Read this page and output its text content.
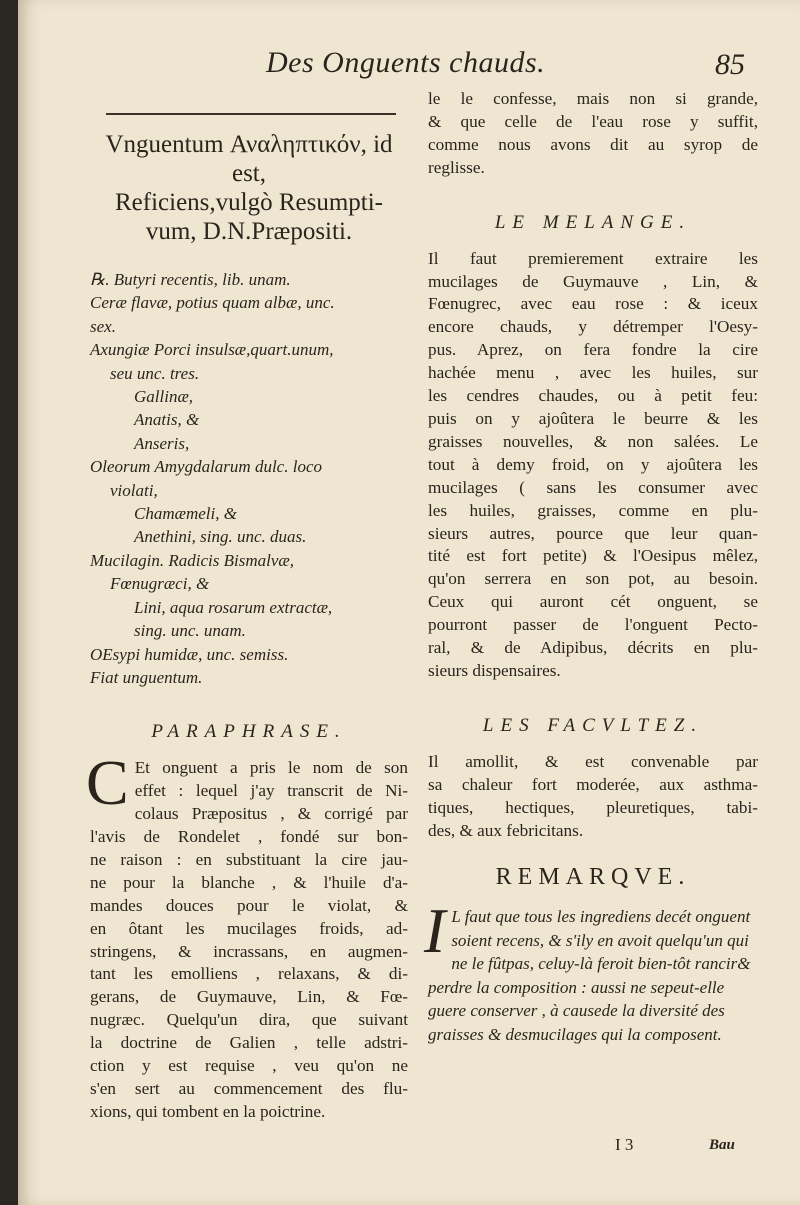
Des Onguents chauds.	85
Vnguentum Αναληπτικόν, id est,
Reficiens,vulgò Resumpti-
vum, D.N.Præpositi.
℞. Butyri recentis, lib. unam.
Ceræ flavæ, potius quam albæ, unc.
sex.
Axungiæ Porci insulsæ,quart.unum,
seu unc. tres.
Gallinæ,
Anatis, &
Anseris,
Oleorum Amygdalarum dulc. loco
violati,
Chamæmeli, &
Anethini, sing. unc. duas.
Mucilagin. Radicis Bismalvæ,
Fœnugræci, &
Lini, aqua rosarum extractæ,
sing. unc. unam.
OEsypi humidæ, unc. semiss.
Fiat unguentum.
PARAPHRASE.
C Et onguent a pris le nom de son
effet : lequel j'ay transcrit de Ni-
colaus Præpositus , & corrigé par
l'avis de Rondelet , fondé sur bon-
ne raison : en substituant la cire jau-
ne pour la blanche , & l'huile d'a-
mandes douces pour le violat, &
en ôtant les mucilages froids, ad-
stringens, & incrassans, en augmen-
tant les emolliens , relaxans, & di-
gerans, de Guymauve, Lin, & Fœ-
nugræc. Quelqu'un dira, que suivant
la doctrine de Galien , telle adstri-
ction y est requise , veu qu'on ne
s'en sert au commencement des flu-
xions, qui tombent en la poictrine.
le le confesse, mais non si grande,
& que celle de l'eau rose y suffit,
comme nous avons dit au syrop de
reglisse.
LE MELANGE.
Il faut premierement extraire les
mucilages de Guymauve , Lin, &
Fœnugrec, avec eau rose : & iceux
encore chauds, y détremper l'Oesy-
pus. Aprez, on fera fondre la cire
hachée menu , avec les huiles, sur
les cendres chaudes, ou à petit feu:
puis on y ajoûtera le beurre & les
graisses nouvelles, & non salées. Le
tout à demy froid, on y ajoûtera les
mucilages ( sans les consumer avec
les huiles, graisses, comme en plu-
sieurs autres, pource que leur quan-
tité est fort petite) & l'Oesipus mêlez,
qu'on serrera en son pot, au besoin.
Ceux qui auront cét onguent, se
pourront passer de l'onguent Pecto-
ral, & de Adipibus, décrits en plu-
sieurs dispensaires.
LES FACVLTEZ.
Il amollit, & est convenable par
sa chaleur fort moderée, aux asthma-
tiques, hectiques, pleuretiques, tabi-
des, & aux febricitans.
REMARQVE.
I L faut que tous les ingrediens decét onguent soient recens, & s'ily en avoit quelqu'un qui ne le fûtpas, celuy-là feroit bien-tôt rancir& perdre la composition : aussi ne sepeut-elle guere conserver , à causede la diversité des graisses & desmucilages qui la composent.
I 3	Bau
